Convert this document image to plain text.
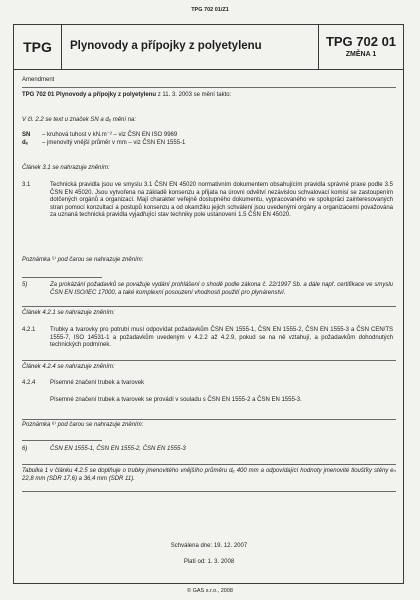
TPG 702 01/Z1
TPG	Plynovody a přípojky z polyetylenu	TPG 702 01
ZMĚNA 1
Amendment
TPG 702 01 Plynovody a přípojky z polyetylenu z 11. 3. 2003 se mění takto:
V čl. 2.2 se text u značek SN a dₑ mění na:
SN – kruhová tuhost v kN.m⁻² – viz ČSN EN ISO 9969
dₑ – jmenovitý vnější průměr v mm – viz ČSN EN 1555-1
Článek 3.1 se nahrazuje zněním:
3.1	Technická pravidla jsou ve smyslu 3.1 ČSN EN 45020 normativním dokumentem obsahujícím pravidla správné praxe podle 3.5 ČSN EN 45020. Jsou vytvořena na základě konsenzu a přijata na úrovni odvětví nezávislou schvalovací komisí se zastoupením dotčených orgánů a organizací. Mají charakter veřejně dostupného dokumentu, vypracovaného ve spolupráci zainteresovaných stran pomocí konzultací a postupů konsenzu a od okamžiku jejich schválení jsou uvedenými orgány a organizacemi považována za uznaná technická pravidla vyjadřující stav techniky pole ustanovení 1.5 ČSN EN 45020.
Poznámka ⁵⁾ pod čarou se nahrazuje zněním:
5)	Za prokázání požadavků se považuje vydání prohlášení o shodě podle zákona č. 22/1997 Sb. a dále např. certifikace ve smyslu ČSN EN ISO/IEC 17000, a také komplexní posouzení vhodnosti použití pro plynárenství.
Článek 4.2.1 se nahrazuje zněním:
4.2.1 Trubky a tvarovky pro potrubí musí odpovídat požadavkům ČSN EN 1555-1, ČSN EN 1555-2, ČSN EN 1555-3 a ČSN CEN/TS 1555-7, ISO 14531-1 a požadavkům uvedeným v 4.2.2 až 4.2.9, pokud se na ně vztahují, a požadavkům dohodnutých technických podmínek.
Článek 4.2.4 se nahrazuje zněním:
4.2.4 Písemné značení trubek a tvarovek
Písemné značení trubek a tvarovek se provádí v souladu s ČSN EN 1555-2 a ČSN EN 1555-3.
Poznámka ⁶⁾ pod čarou se nahrazuje zněním:
6)	ČSN EN 1555-1, ČSN EN 1555-2, ČSN EN 1555-3
Tabulka 1 v článku 4.2.5 se doplňuje o trubky jmenovitého vnějšího průměru dₑ 400 mm a odpovídající hodnoty jmenovité tloušťky stěny eₙ 22,8 mm (SDR 17,6) a 36,4 mm (SDR 11).
Schválena dne: 19. 12. 2007
Platí od: 1. 3. 2008
© GAS s.r.o., 2008
